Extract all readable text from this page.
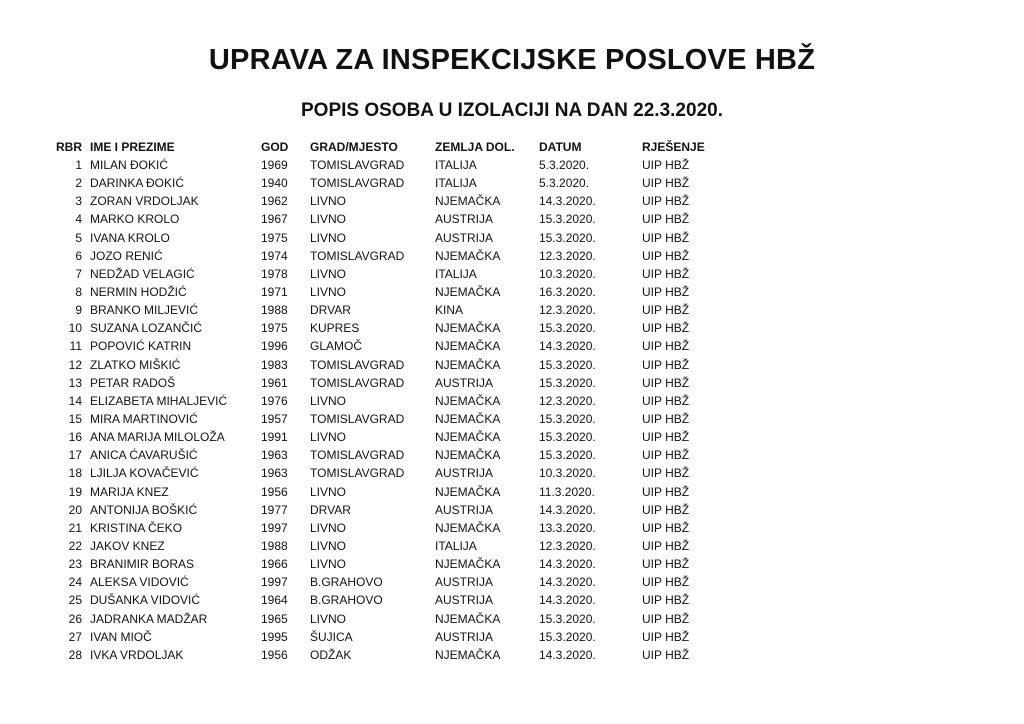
UPRAVA ZA INSPEKCIJSKE POSLOVE HBŽ
POPIS OSOBA U IZOLACIJI NA DAN 22.3.2020.
RBR	IME I PREZIME	GOD	GRAD/MJESTO	ZEMLJA DOL.	DATUM	RJEŠENJE
1	MILAN ĐOKIĆ	1969	TOMISLAVGRAD	ITALIJA	5.3.2020.	UIP HBŽ
2	DARINKA ĐOKIĆ	1940	TOMISLAVGRAD	ITALIJA	5.3.2020.	UIP HBŽ
3	ZORAN VRDOLJAK	1962	LIVNO	NJEMAČKA	14.3.2020.	UIP HBŽ
4	MARKO KROLO	1967	LIVNO	AUSTRIJA	15.3.2020.	UIP HBŽ
5	IVANA KROLO	1975	LIVNO	AUSTRIJA	15.3.2020.	UIP HBŽ
6	JOZO RENIĆ	1974	TOMISLAVGRAD	NJEMAČKA	12.3.2020.	UIP HBŽ
7	NEDŽAD VELAGIĆ	1978	LIVNO	ITALIJA	10.3.2020.	UIP HBŽ
8	NERMIN HODŽIĆ	1971	LIVNO	NJEMAČKA	16.3.2020.	UIP HBŽ
9	BRANKO MILJEVIĆ	1988	DRVAR	KINA	12.3.2020.	UIP HBŽ
10	SUZANA LOZANČIĆ	1975	KUPRES	NJEMAČKA	15.3.2020.	UIP HBŽ
11	POPOVIĆ KATRIN	1996	GLAMOČ	NJEMAČKA	14.3.2020.	UIP HBŽ
12	ZLATKO MIŠKIĆ	1983	TOMISLAVGRAD	NJEMAČKA	15.3.2020.	UIP HBŽ
13	PETAR RADOŠ	1961	TOMISLAVGRAD	AUSTRIJA	15.3.2020.	UIP HBŽ
14	ELIZABETA MIHALJEVIĆ	1976	LIVNO	NJEMAČKA	12.3.2020.	UIP HBŽ
15	MIRA MARTINOVIĆ	1957	TOMISLAVGRAD	NJEMAČKA	15.3.2020.	UIP HBŽ
16	ANA MARIJA MILOLOŽA	1991	LIVNO	NJEMAČKA	15.3.2020.	UIP HBŽ
17	ANICA ĆAVARUŠIĆ	1963	TOMISLAVGRAD	NJEMAČKA	15.3.2020.	UIP HBŽ
18	LJILJA KOVAČEVIĆ	1963	TOMISLAVGRAD	AUSTRIJA	10.3.2020.	UIP HBŽ
19	MARIJA KNEZ	1956	LIVNO	NJEMAČKA	11.3.2020.	UIP HBŽ
20	ANTONIJA BOŠKIĆ	1977	DRVAR	AUSTRIJA	14.3.2020.	UIP HBŽ
21	KRISTINA ČEKO	1997	LIVNO	NJEMAČKA	13.3.2020.	UIP HBŽ
22	JAKOV KNEZ	1988	LIVNO	ITALIJA	12.3.2020.	UIP HBŽ
23	BRANIMIR BORAS	1966	LIVNO	NJEMAČKA	14.3.2020.	UIP HBŽ
24	ALEKSA VIDOVIĆ	1997	B.GRAHOVO	AUSTRIJA	14.3.2020.	UIP HBŽ
25	DUŠANKA VIDOVIĆ	1964	B.GRAHOVO	AUSTRIJA	14.3.2020.	UIP HBŽ
26	JADRANKA MADŽAR	1965	LIVNO	NJEMAČKA	15.3.2020.	UIP HBŽ
27	IVAN MIOČ	1995	ŠUJICA	AUSTRIJA	15.3.2020.	UIP HBŽ
28	IVKA VRDOLJAK	1956	ODŽAK	NJEMAČKA	14.3.2020.	UIP HBŽ
